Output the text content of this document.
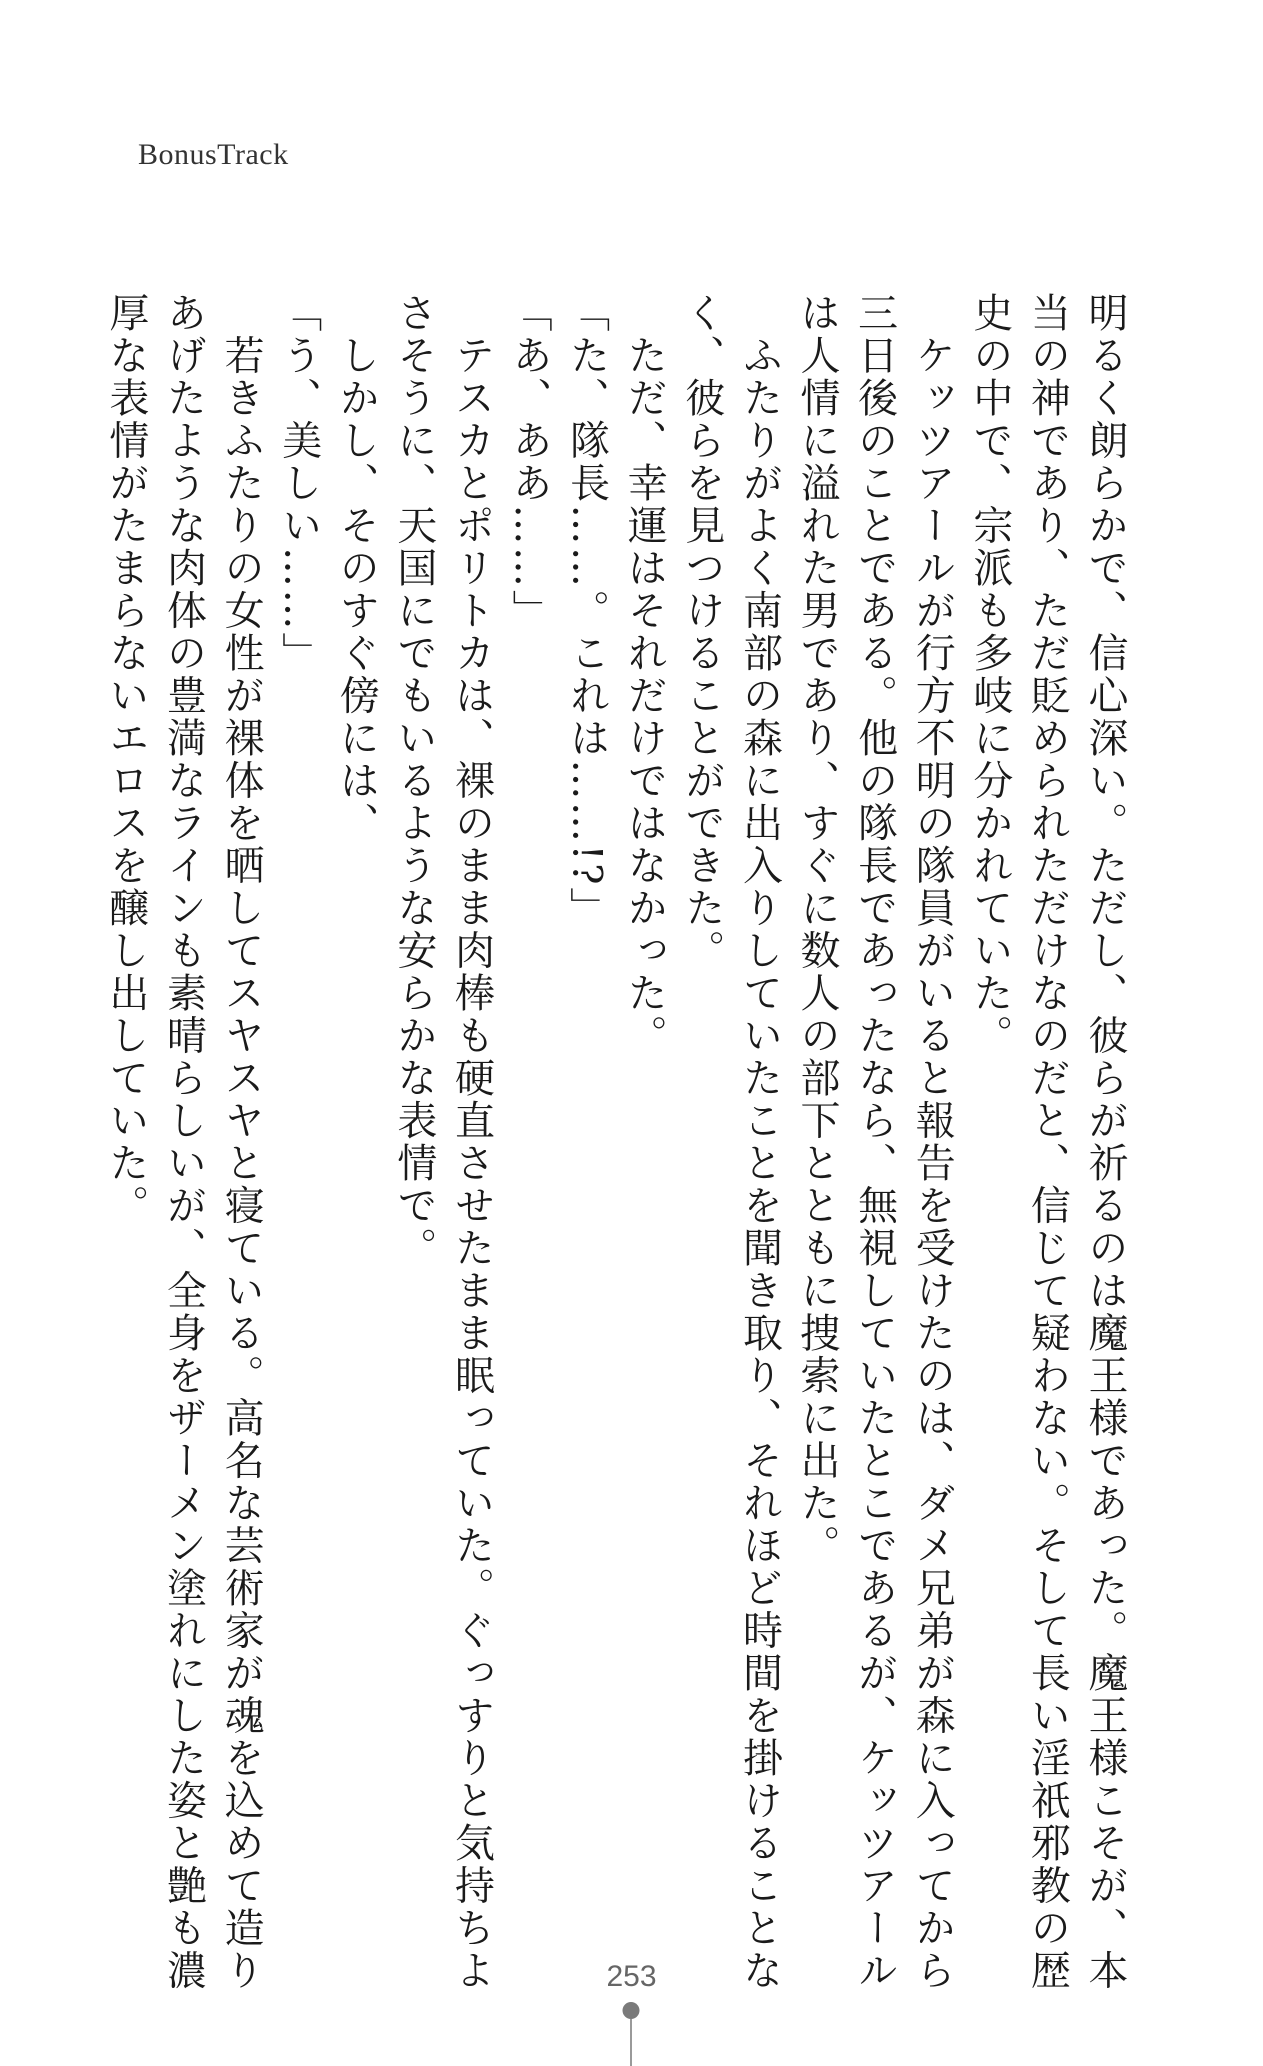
BonusTrack

明るく朗らかで、信心深い。ただし、彼らが祈るのは魔王様であった。魔王様こそが、本

当の神であり、ただ貶められただけなのだと、信じて疑わない。そして長い淫祇邪教の歴

史の中で、宗派も多岐に分かれていた。

　ケッツアールが行方不明の隊員がいると報告を受けたのは、ダメ兄弟が森に入ってから

三日後のことである。他の隊長であったなら、無視していたとこであるが、ケッツアール

は人情に溢れた男であり、すぐに数人の部下とともに捜索に出た。

　ふたりがよく南部の森に出入りしていたことを聞き取り、それほど時間を掛けることな

く、彼らを見つけることができた。

　ただ、幸運はそれだけではなかった。

「た、隊長……。これは……!?」

「あ、ああ……」

　テスカとポリトカは、裸のまま肉棒も硬直させたまま眠っていた。ぐっすりと気持ちよ

さそうに、天国にでもいるような安らかな表情で。

　しかし、そのすぐ傍には、

「う、美しい……」

　若きふたりの女性が裸体を晒してスヤスヤと寝ている。高名な芸術家が魂を込めて造り

あげたような肉体の豊満なラインも素晴らしいが、全身をザーメン塗れにした姿と艶も濃

厚な表情がたまらないエロスを醸し出していた。

253
